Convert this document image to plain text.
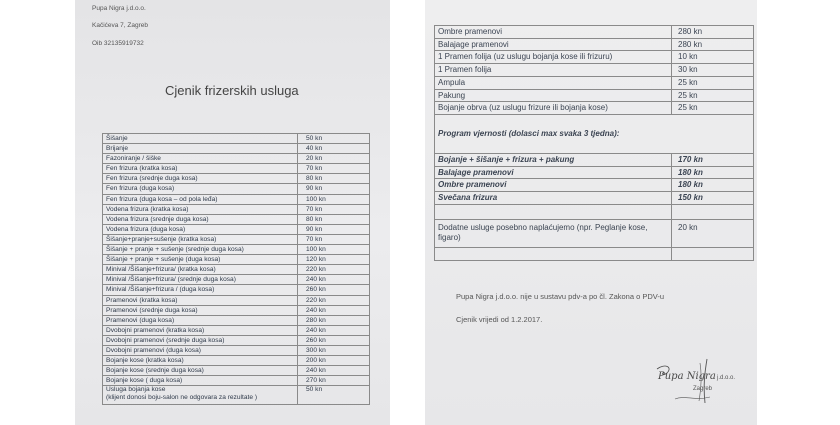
Pupa Nigra j.d.o.o.
Kačićeva 7, Zagreb
Oib 32135919732
Cjenik frizerskih usluga
Šišanje	50 kn
Brijanje	40 kn
Fazoniranje / šiške	20 kn
Fen frizura (kratka kosa)	70 kn
Fen frizura (srednje duga kosa)	80 kn
Fen frizura (duga kosa)	90 kn
Fen frizura (duga kosa – od pola leđa)	100 kn
Vodena frizura (kratka kosa)	70 kn
Vodena frizura (srednje duga kosa)	80 kn
Vodena frizura (duga kosa)	90 kn
Šišanje+pranje+sušenje (kratka kosa)	70 kn
Šišanje + pranje + sušenje (srednje duga kosa)	100 kn
Šišanje + pranje + sušenje (duga kosa)	120 kn
Minival /Šišanje+frizura/ (kratka kosa)	220 kn
Minival /Šišanje+frizura/ (srednje duga kosa)	240 kn
Minival /Šišanje+frizura / (duga kosa)	260 kn
Pramenovi (kratka kosa)	220 kn
Pramenovi (srednje duga kosa)	240 kn
Pramenovi (duga kosa)	280 kn
Dvobojni pramenovi (kratka kosa)	240 kn
Dvobojni pramenovi (srednje duga kosa)	260 kn
Dvobojni pramenovi (duga kosa)	300 kn
Bojanje kose (kratka kosa)	200 kn
Bojanje kose (srednje duga kosa)	240 kn
Bojanje kose ( duga kosa)	270 kn
Usluga bojanja kose
(klijent donosi boju-salon ne odgovara za rezultate )	50 kn
Ombre pramenovi	280 kn
Balajage pramenovi	280 kn
1 Pramen folija (uz uslugu bojanja kose ili frizuru)	10 kn
1 Pramen folija	30 kn
Ampula	25 kn
Pakung	25 kn
Bojanje obrva (uz uslugu frizure ili bojanja kose)	25 kn
Program vjernosti (dolasci max svaka 3 tjedna):	
Bojanje + šišanje + frizura + pakung	170 kn
Balajage pramenovi	180 kn
Ombre pramenovi	180 kn
Svečana frizura	150 kn

Dodatne usluge posebno naplaćujemo (npr. Peglanje kose, figaro)	20 kn

Pupa Nigra j.d.o.o. nije u sustavu pdv-a po čl. Zakona o PDV-u
Cjenik vrijedi od 1.2.2017.
Pupa Nigra j.d.o.o.
Zagreb
